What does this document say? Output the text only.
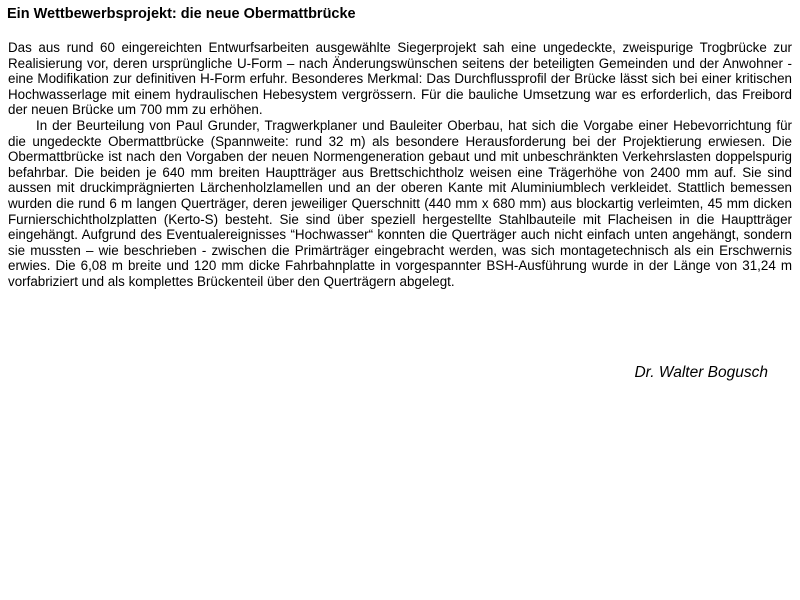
Ein Wettbewerbsprojekt: die neue Obermattbrücke

Das aus rund 60 eingereichten Entwurfsarbeiten ausgewählte Siegerprojekt sah eine ungedeckte, zweispurige Trogbrücke zur Realisierung vor, deren ursprüngliche U-Form – nach Änderungswünschen seitens der beteiligten Gemeinden und der Anwohner - eine Modifikation zur definitiven H-Form erfuhr. Besonderes Merkmal: Das Durchflussprofil der Brücke lässt sich bei einer kritischen Hochwasserlage mit einem hydraulischen Hebesystem vergrössern. Für die bauliche Umsetzung war es erforderlich, das Freibord der neuen Brücke um 700 mm zu erhöhen.

In der Beurteilung von Paul Grunder, Tragwerkplaner und Bauleiter Oberbau, hat sich die Vorgabe einer Hebevorrichtung für die ungedeckte Obermattbrücke (Spannweite: rund 32 m) als besondere Herausforderung bei der Projektierung erwiesen. Die Obermattbrücke ist nach den Vorgaben der neuen Normengeneration gebaut und mit unbeschränkten Verkehrslasten doppelspurig befahrbar. Die beiden je 640 mm breiten Hauptträger aus Brettschichtholz weisen eine Trägerhöhe von 2400 mm auf. Sie sind aussen mit druckimprägnierten Lärchenholzlamellen und an der oberen Kante mit Aluminiumblech verkleidet. Stattlich bemessen wurden die rund 6 m langen Querträger, deren jeweiliger Querschnitt (440 mm x 680 mm) aus blockartig verleimten, 45 mm dicken Furnierschichtholzplatten (Kerto-S) besteht. Sie sind über speziell hergestellte Stahlbauteile mit Flacheisen in die Hauptträger eingehängt. Aufgrund des Eventualereignisses “Hochwasser“ konnten die Querträger auch nicht einfach unten angehängt, sondern sie mussten – wie beschrieben - zwischen die Primärträger eingebracht werden, was sich montagetechnisch als ein Erschwernis erwies. Die 6,08 m breite und 120 mm dicke Fahrbahnplatte in vorgespannter BSH-Ausführung wurde in der Länge von 31,24 m vorfabriziert und als komplettes Brückenteil über den Querträgern abgelegt.

Dr. Walter Bogusch
